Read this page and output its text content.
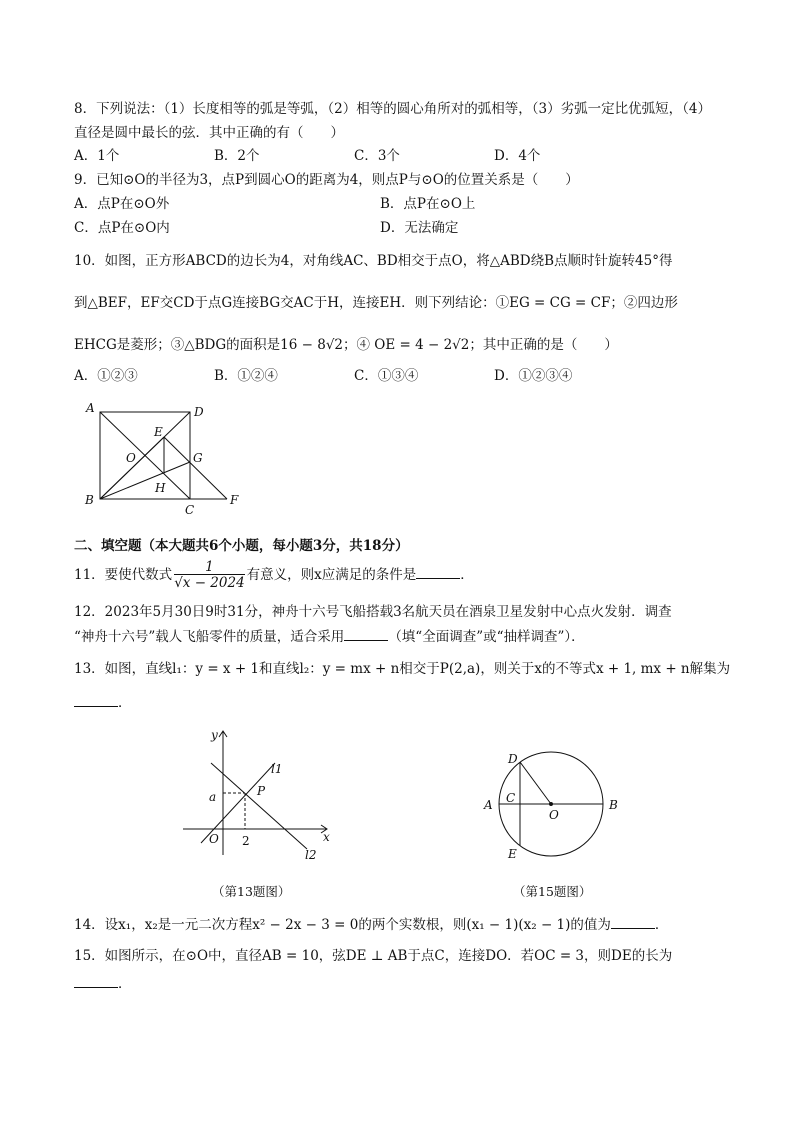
8．下列说法：（1）长度相等的弧是等弧，（2）相等的圆心角所对的弧相等，（3）劣弧一定比优弧短，（4）
直径是圆中最长的弦．其中正确的有（　　）
A．1个	B．2个	C．3个	D．4个
9．已知⊙O的半径为3，点P到圆心O的距离为4，则点P与⊙O的位置关系是（　　）
A．点P在⊙O外	B．点P在⊙O上
C．点P在⊙O内	D．无法确定
10．如图，正方形ABCD的边长为4，对角线AC、BD相交于点O，将△ABD绕B点顺时针旋转45°得
到△BEF，EF交CD于点G连接BG交AC于H，连接EH．则下列结论：①EG = CG = CF；②四边形
EHCG是菱形；③△BDG的面积是16 − 8√2；④ OE = 4 − 2√2；其中正确的是（　　）
A．①②③	B．①②④	C．①③④	D．①②③④
A	D
E
O	G
H
B
C
F
二、填空题（本大题共6个小题，每小题3分，共18分）
11．要使代数式 $\frac{1}{√x - 2024}$ 有意义，则x应满足的条件是	．
12．2023年5月30日9时31分，神舟十六号飞船搭载3名航天员在酒泉卫星发射中心点火发射．调查
“神舟十六号”载人飞船零件的质量，适合采用	（填“全面调查”或“抽样调查”）．
13．如图，直线l₁：y = x + 1和直线l₂：y = mx + n相交于P(2,a)，则关于x的不等式x + 1, mx + n解集为
．
y
l1
a	P
O 2	x
l2
（第13题图）
D
A C	B
O
E
（第15题图）
14．设x₁，x₂是一元二次方程x² − 2x − 3 = 0的两个实数根，则(x₁ − 1)(x₂ − 1)的值为	．
15．如图所示，在⊙O中，直径AB = 10，弦DE ⊥ AB于点C，连接DO．若OC = 3，则DE的长为
．
